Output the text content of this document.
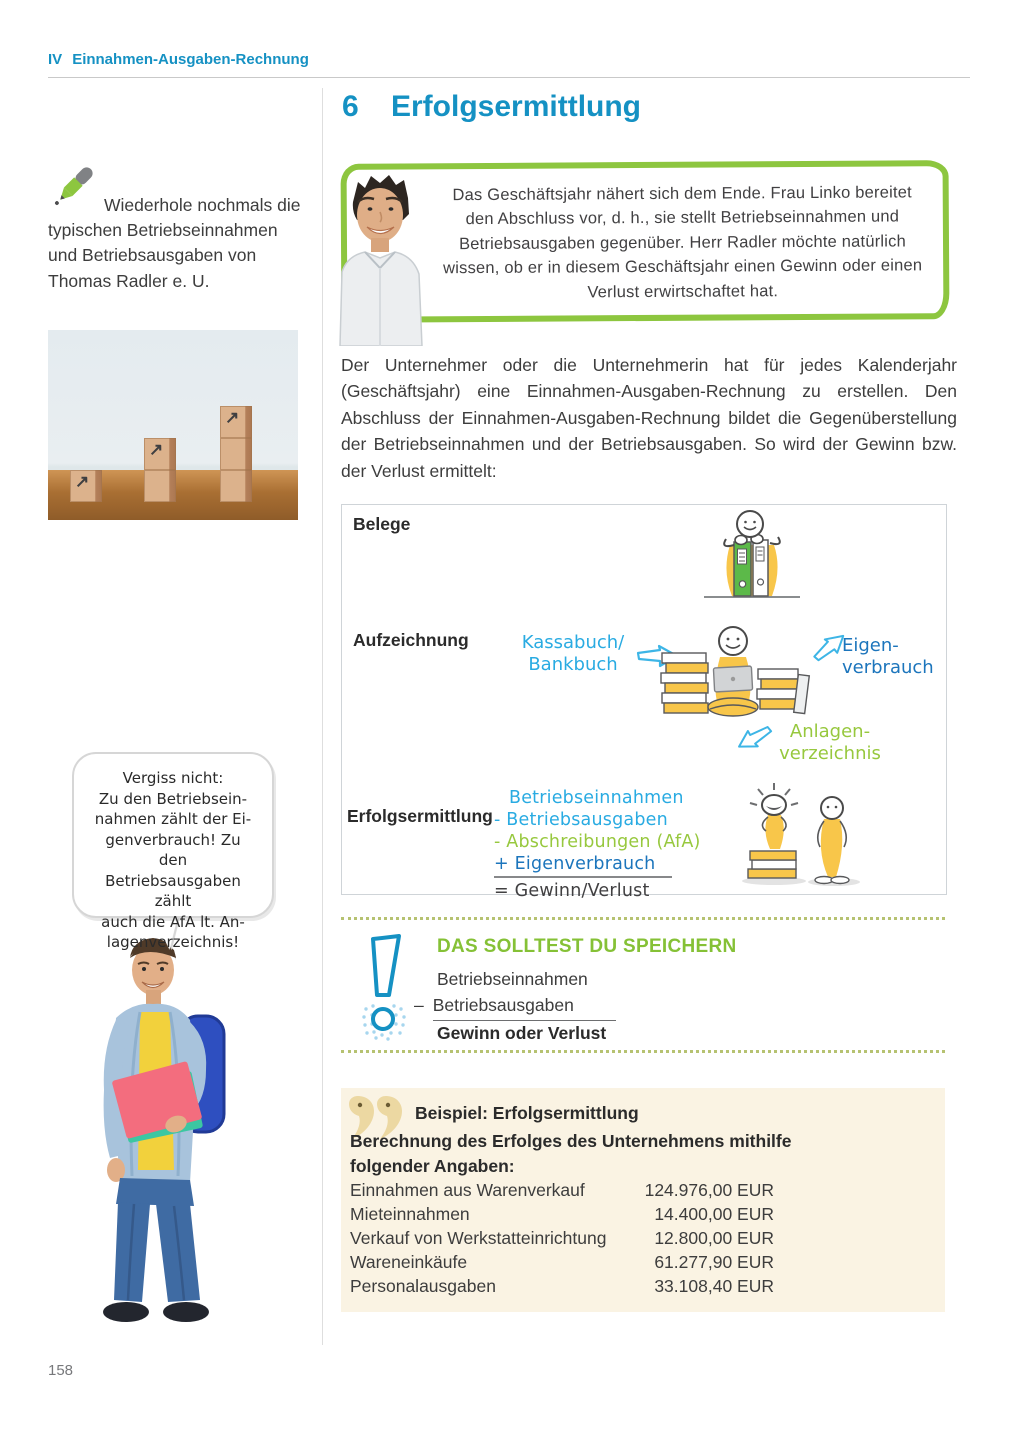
IV Einnahmen-Ausgaben-Rechnung
6 Erfolgsermittlung
Das Geschäftsjahr nähert sich dem Ende. Frau Linko bereitet den Abschluss vor, d. h., sie stellt Betriebseinnahmen und Betriebsausgaben gegenüber. Herr Radler möchte natürlich wissen, ob er in diesem Geschäftsjahr einen Gewinn oder einen Verlust erwirtschaftet hat.
Der Unternehmer oder die Unternehmerin hat für jedes Kalenderjahr (Geschäftsjahr) eine Einnahmen-Ausgaben-Rechnung zu erstellen. Den Abschluss der Einnahmen-Ausgaben-Rechnung bildet die Gegenüberstellung der Betriebseinnahmen und der Betriebsausgaben. So wird der Gewinn bzw. der Verlust ermittelt:
Belege
Aufzeichnung	Kassabuch/
Bankbuch
Eigen-
verbrauch
Anlagen-
verzeichnis
Erfolgsermittlung
Betriebseinnahmen
- Betriebsausgaben
- Abschreibungen (AfA)
+ Eigenverbrauch
= Gewinn/Verlust
DAS SOLLTEST DU SPEICHERN
Betriebseinnahmen
– Betriebsausgaben
Gewinn oder Verlust
Beispiel: Erfolgsermittlung
Berechnung des Erfolges des Unternehmens mithilfe
folgender Angaben:
Einnahmen aus Warenverkauf	124.976,00 EUR
Mieteinnahmen	14.400,00 EUR
Verkauf von Werkstatteinrichtung	12.800,00 EUR
Wareneinkäufe	61.277,90 EUR
Personalausgaben	33.108,40 EUR

Wiederhole nochmals die typischen Betriebseinnahmen und Betriebsausgaben von Thomas Radler e. U.

↗
↗
↗
Vergiss nicht:
Zu den Betriebsein-
nahmen zählt der Ei-
genverbrauch! Zu den
Betriebsausgaben zählt
auch die AfA lt. An-
lagenverzeichnis!
158
